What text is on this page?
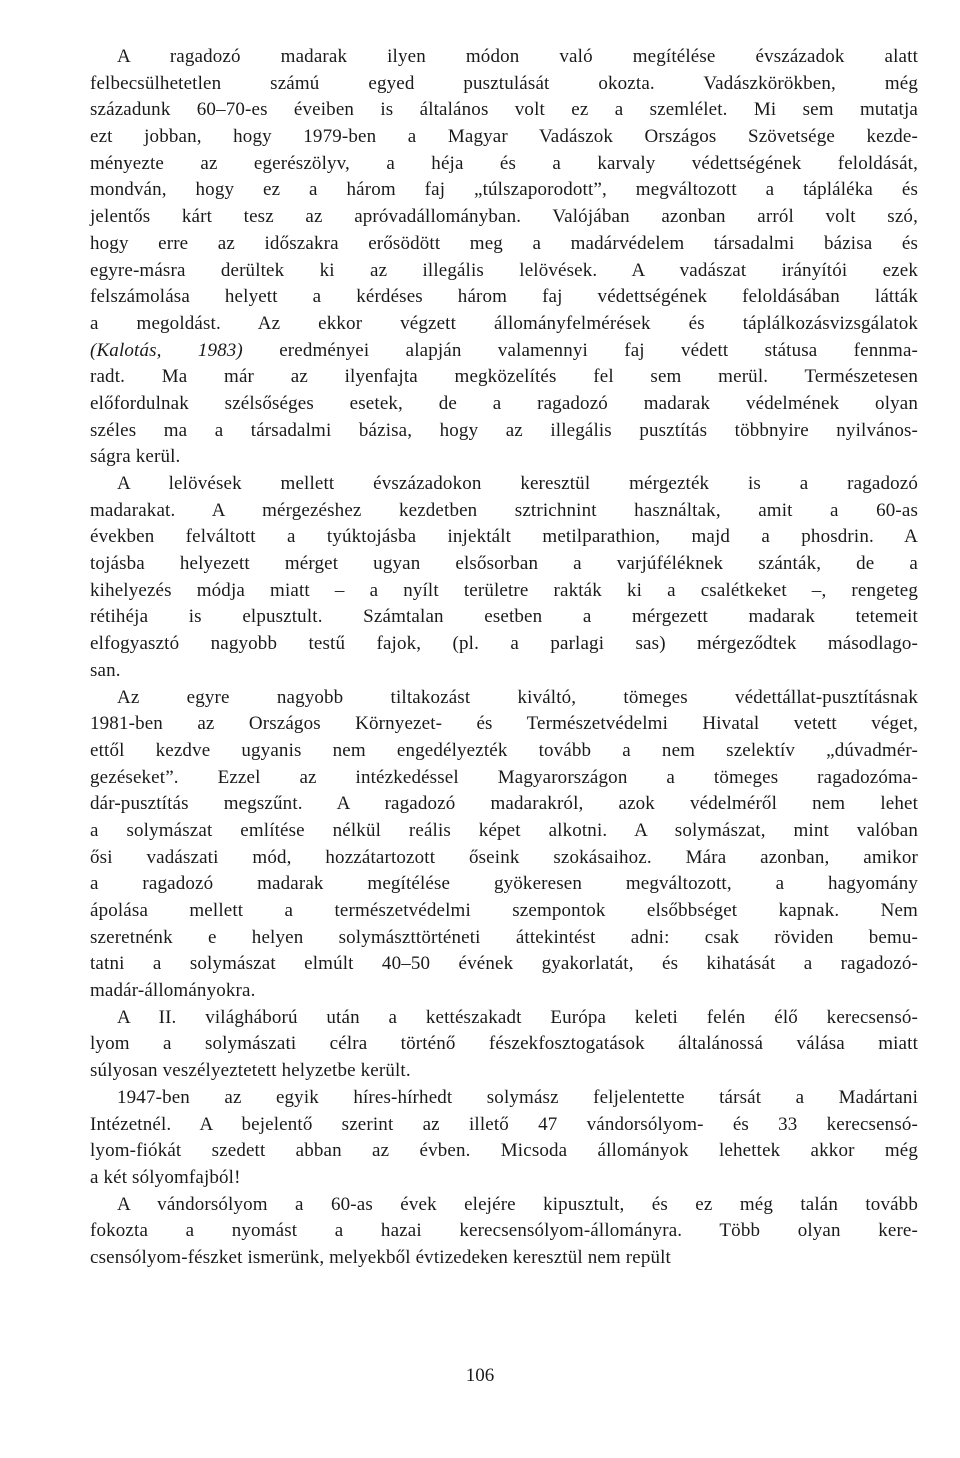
A ragadozó madarak ilyen módon való megítélése évszázadok alatt
felbecsülhetetlen számú egyed pusztulását okozta. Vadászkörökben, még
századunk 60–70-es éveiben is általános volt ez a szemlélet. Mi sem mutatja
ezt jobban, hogy 1979-ben a Magyar Vadászok Országos Szövetsége kezde-
ményezte az egerészölyv, a héja és a karvaly védettségének feloldását,
mondván, hogy ez a három faj „túlszaporodott”, megváltozott a tápláléka és
jelentős kárt tesz az apróvadállományban. Valójában azonban arról volt szó,
hogy erre az időszakra erősödött meg a madárvédelem társadalmi bázisa és
egyre-másra derültek ki az illegális lelövések. A vadászat irányítói ezek
felszámolása helyett a kérdéses három faj védettségének feloldásában látták
a megoldást. Az ekkor végzett állományfelmérések és táplálkozásvizsgálatok
(Kalotás, 1983) eredményei alapján valamennyi faj védett státusa fennma-
radt. Ma már az ilyenfajta megközelítés fel sem merül. Természetesen
előfordulnak szélsőséges esetek, de a ragadozó madarak védelmének olyan
széles ma a társadalmi bázisa, hogy az illegális pusztítás többnyire nyilvános-
ságra kerül.
A lelövések mellett évszázadokon keresztül mérgezték is a ragadozó
madarakat. A mérgezéshez kezdetben sztrichnint használtak, amit a 60-as
években felváltott a tyúktojásba injektált metilparathion, majd a phosdrin. A
tojásba helyezett mérget ugyan elsősorban a varjúféléknek szánták, de a
kihelyezés módja miatt – a nyílt területre rakták ki a csalétkeket –, rengeteg
rétihéja is elpusztult. Számtalan esetben a mérgezett madarak tetemeit
elfogyasztó nagyobb testű fajok, (pl. a parlagi sas) mérgeződtek másodlago-
san.
Az egyre nagyobb tiltakozást kiváltó, tömeges védettállat-pusztításnak
1981-ben az Országos Környezet- és Természetvédelmi Hivatal vetett véget,
ettől kezdve ugyanis nem engedélyezték tovább a nem szelektív „dúvadmér-
gezéseket”. Ezzel az intézkedéssel Magyarországon a tömeges ragadozóma-
dár-pusztítás megszűnt. A ragadozó madarakról, azok védelméről nem lehet
a solymászat említése nélkül reális képet alkotni. A solymászat, mint valóban
ősi vadászati mód, hozzátartozott őseink szokásaihoz. Mára azonban, amikor
a ragadozó madarak megítélése gyökeresen megváltozott, a hagyomány
ápolása mellett a természetvédelmi szempontok elsőbbséget kapnak. Nem
szeretnénk e helyen solymászttörténeti áttekintést adni: csak röviden bemu-
tatni a solymászat elmúlt 40–50 évének gyakorlatát, és kihatását a ragadozó-
madár-állományokra.
A II. világháború után a kettészakadt Európa keleti felén élő kerecsensó-
lyom a solymászati célra történő fészekfosztogatások általánossá válása miatt
súlyosan veszélyeztetett helyzetbe került.
1947-ben az egyik híres-hírhedt solymász feljelentette társát a Madártani
Intézetnél. A bejelentő szerint az illető 47 vándorsólyom- és 33 kerecsensó-
lyom-fiókát szedett abban az évben. Micsoda állományok lehettek akkor még
a két sólyomfajból!
A vándorsólyom a 60-as évek elejére kipusztult, és ez még talán tovább
fokozta a nyomást a hazai kerecsensólyom-állományra. Több olyan kere-
csensólyom-fészket ismerünk, melyekből évtizedeken keresztül nem repült
106
